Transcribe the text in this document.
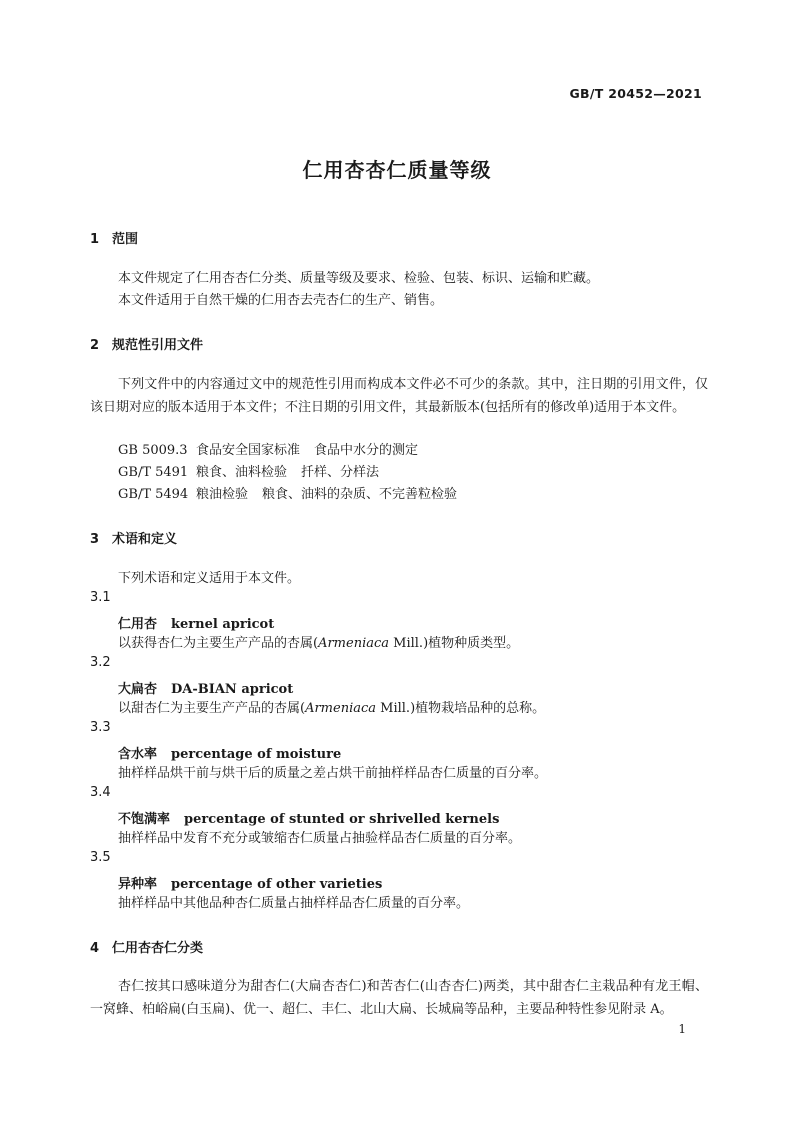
GB/T 20452—2021
仁用杏杏仁质量等级
1 范围
本文件规定了仁用杏杏仁分类、质量等级及要求、检验、包装、标识、运输和贮藏。
本文件适用于自然干燥的仁用杏去壳杏仁的生产、销售。
2 规范性引用文件
下列文件中的内容通过文中的规范性引用而构成本文件必不可少的条款。其中，注日期的引用文件，仅该日期对应的版本适用于本文件；不注日期的引用文件，其最新版本(包括所有的修改单)适用于本文件。
GB 5009.3 食品安全国家标准 食品中水分的测定
GB/T 5491 粮食、油料检验 扦样、分样法
GB/T 5494 粮油检验 粮食、油料的杂质、不完善粒检验
3 术语和定义
下列术语和定义适用于本文件。
3.1
仁用杏 kernel apricot
以获得杏仁为主要生产产品的杏属(Armeniaca Mill.)植物种质类型。
3.2
大扁杏 DA-BIAN apricot
以甜杏仁为主要生产产品的杏属(Armeniaca Mill.)植物栽培品种的总称。
3.3
含水率 percentage of moisture
抽样样品烘干前与烘干后的质量之差占烘干前抽样样品杏仁质量的百分率。
3.4
不饱满率 percentage of stunted or shrivelled kernels
抽样样品中发育不充分或皱缩杏仁质量占抽验样品杏仁质量的百分率。
3.5
异种率 percentage of other varieties
抽样样品中其他品种杏仁质量占抽样样品杏仁质量的百分率。
4 仁用杏杏仁分类
杏仁按其口感味道分为甜杏仁(大扁杏杏仁)和苦杏仁(山杏杏仁)两类，其中甜杏仁主栽品种有龙王帽、一窝蜂、柏峪扁(白玉扁)、优一、超仁、丰仁、北山大扁、长城扁等品种，主要品种特性参见附录 A。
1
